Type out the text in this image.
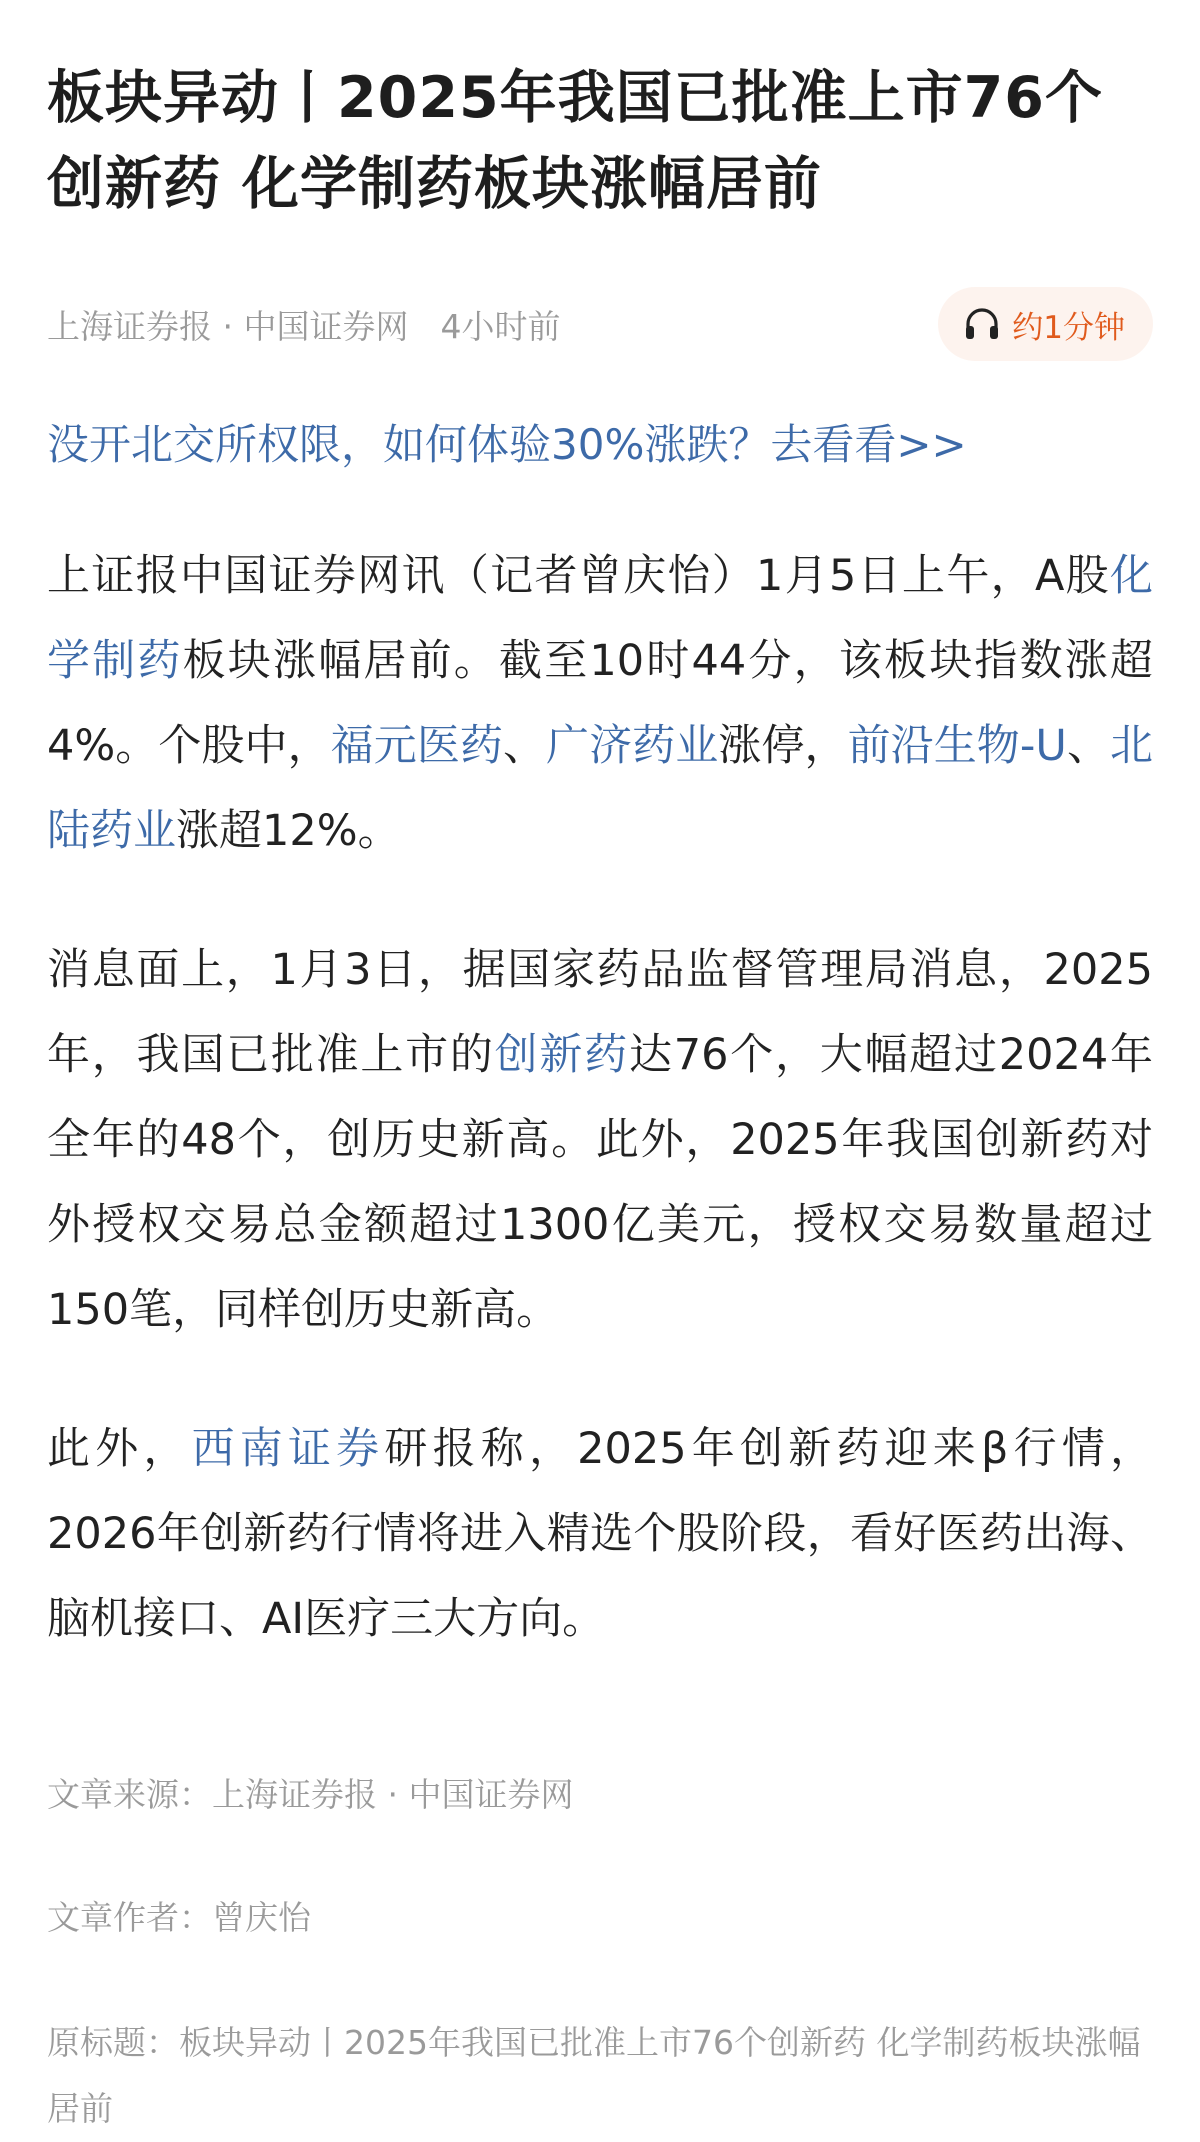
板块异动丨2025年我国已批准上市76个创新药 化学制药板块涨幅居前
上海证券报 · 中国证券网 4小时前	约1分钟
没开北交所权限，如何体验30%涨跌？去看看>>

上证报中国证券网讯（记者曾庆怡）1月5日上午，A股化学制药板块涨幅居前。截至10时44分，该板块指数涨超4%。个股中，福元医药、广济药业涨停，前沿生物-U、北陆药业涨超12%。

消息面上，1月3日，据国家药品监督管理局消息，2025年，我国已批准上市的创新药达76个，大幅超过2024年全年的48个，创历史新高。此外，2025年我国创新药对外授权交易总金额超过1300亿美元，授权交易数量超过150笔，同样创历史新高。

此外，西南证券研报称，2025年创新药迎来β行情，2026年创新药行情将进入精选个股阶段，看好医药出海、脑机接口、AI医疗三大方向。

文章来源：上海证券报 · 中国证券网
文章作者：曾庆怡
原标题：板块异动丨2025年我国已批准上市76个创新药 化学制药板块涨幅居前
